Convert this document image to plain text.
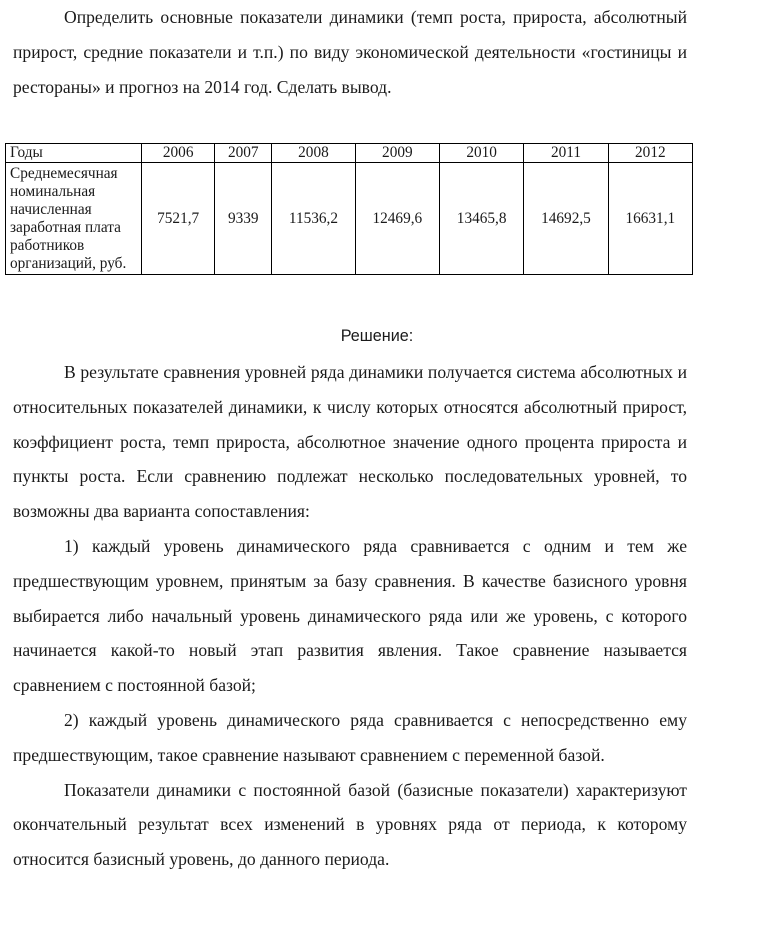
Определить основные показатели динамики (темп роста, прироста, абсолютный прирост, средние показатели и т.п.) по виду экономической деятельности «гостиницы и рестораны» и прогноз на 2014 год. Сделать вывод.

Годы	2006	2007	2008	2009	2010	2011	2012
Среднемесячная номинальная начисленная заработная плата работников организаций, руб.	7521,7	9339	11536,2	12469,6	13465,8	14692,5	16631,1
Решение:

В результате сравнения уровней ряда динамики получается система абсолютных и относительных показателей динамики, к числу которых относятся абсолютный прирост, коэффициент роста, темп прироста, абсолютное значение одного процента прироста и пункты роста. Если сравнению подлежат несколько последовательных уровней, то возможны два варианта сопоставления:

1) каждый уровень динамического ряда сравнивается с одним и тем же предшествующим уровнем, принятым за базу сравнения. В качестве базисного уровня выбирается либо начальный уровень динамического ряда или же уровень, с которого начинается какой-то новый этап развития явления. Такое сравнение называется сравнением с постоянной базой;

2) каждый уровень динамического ряда сравнивается с непосредственно ему предшествующим, такое сравнение называют сравнением с переменной базой.

Показатели динамики с постоянной базой (базисные показатели) характеризуют окончательный результат всех изменений в уровнях ряда от периода, к которому относится базисный уровень, до данного периода.
